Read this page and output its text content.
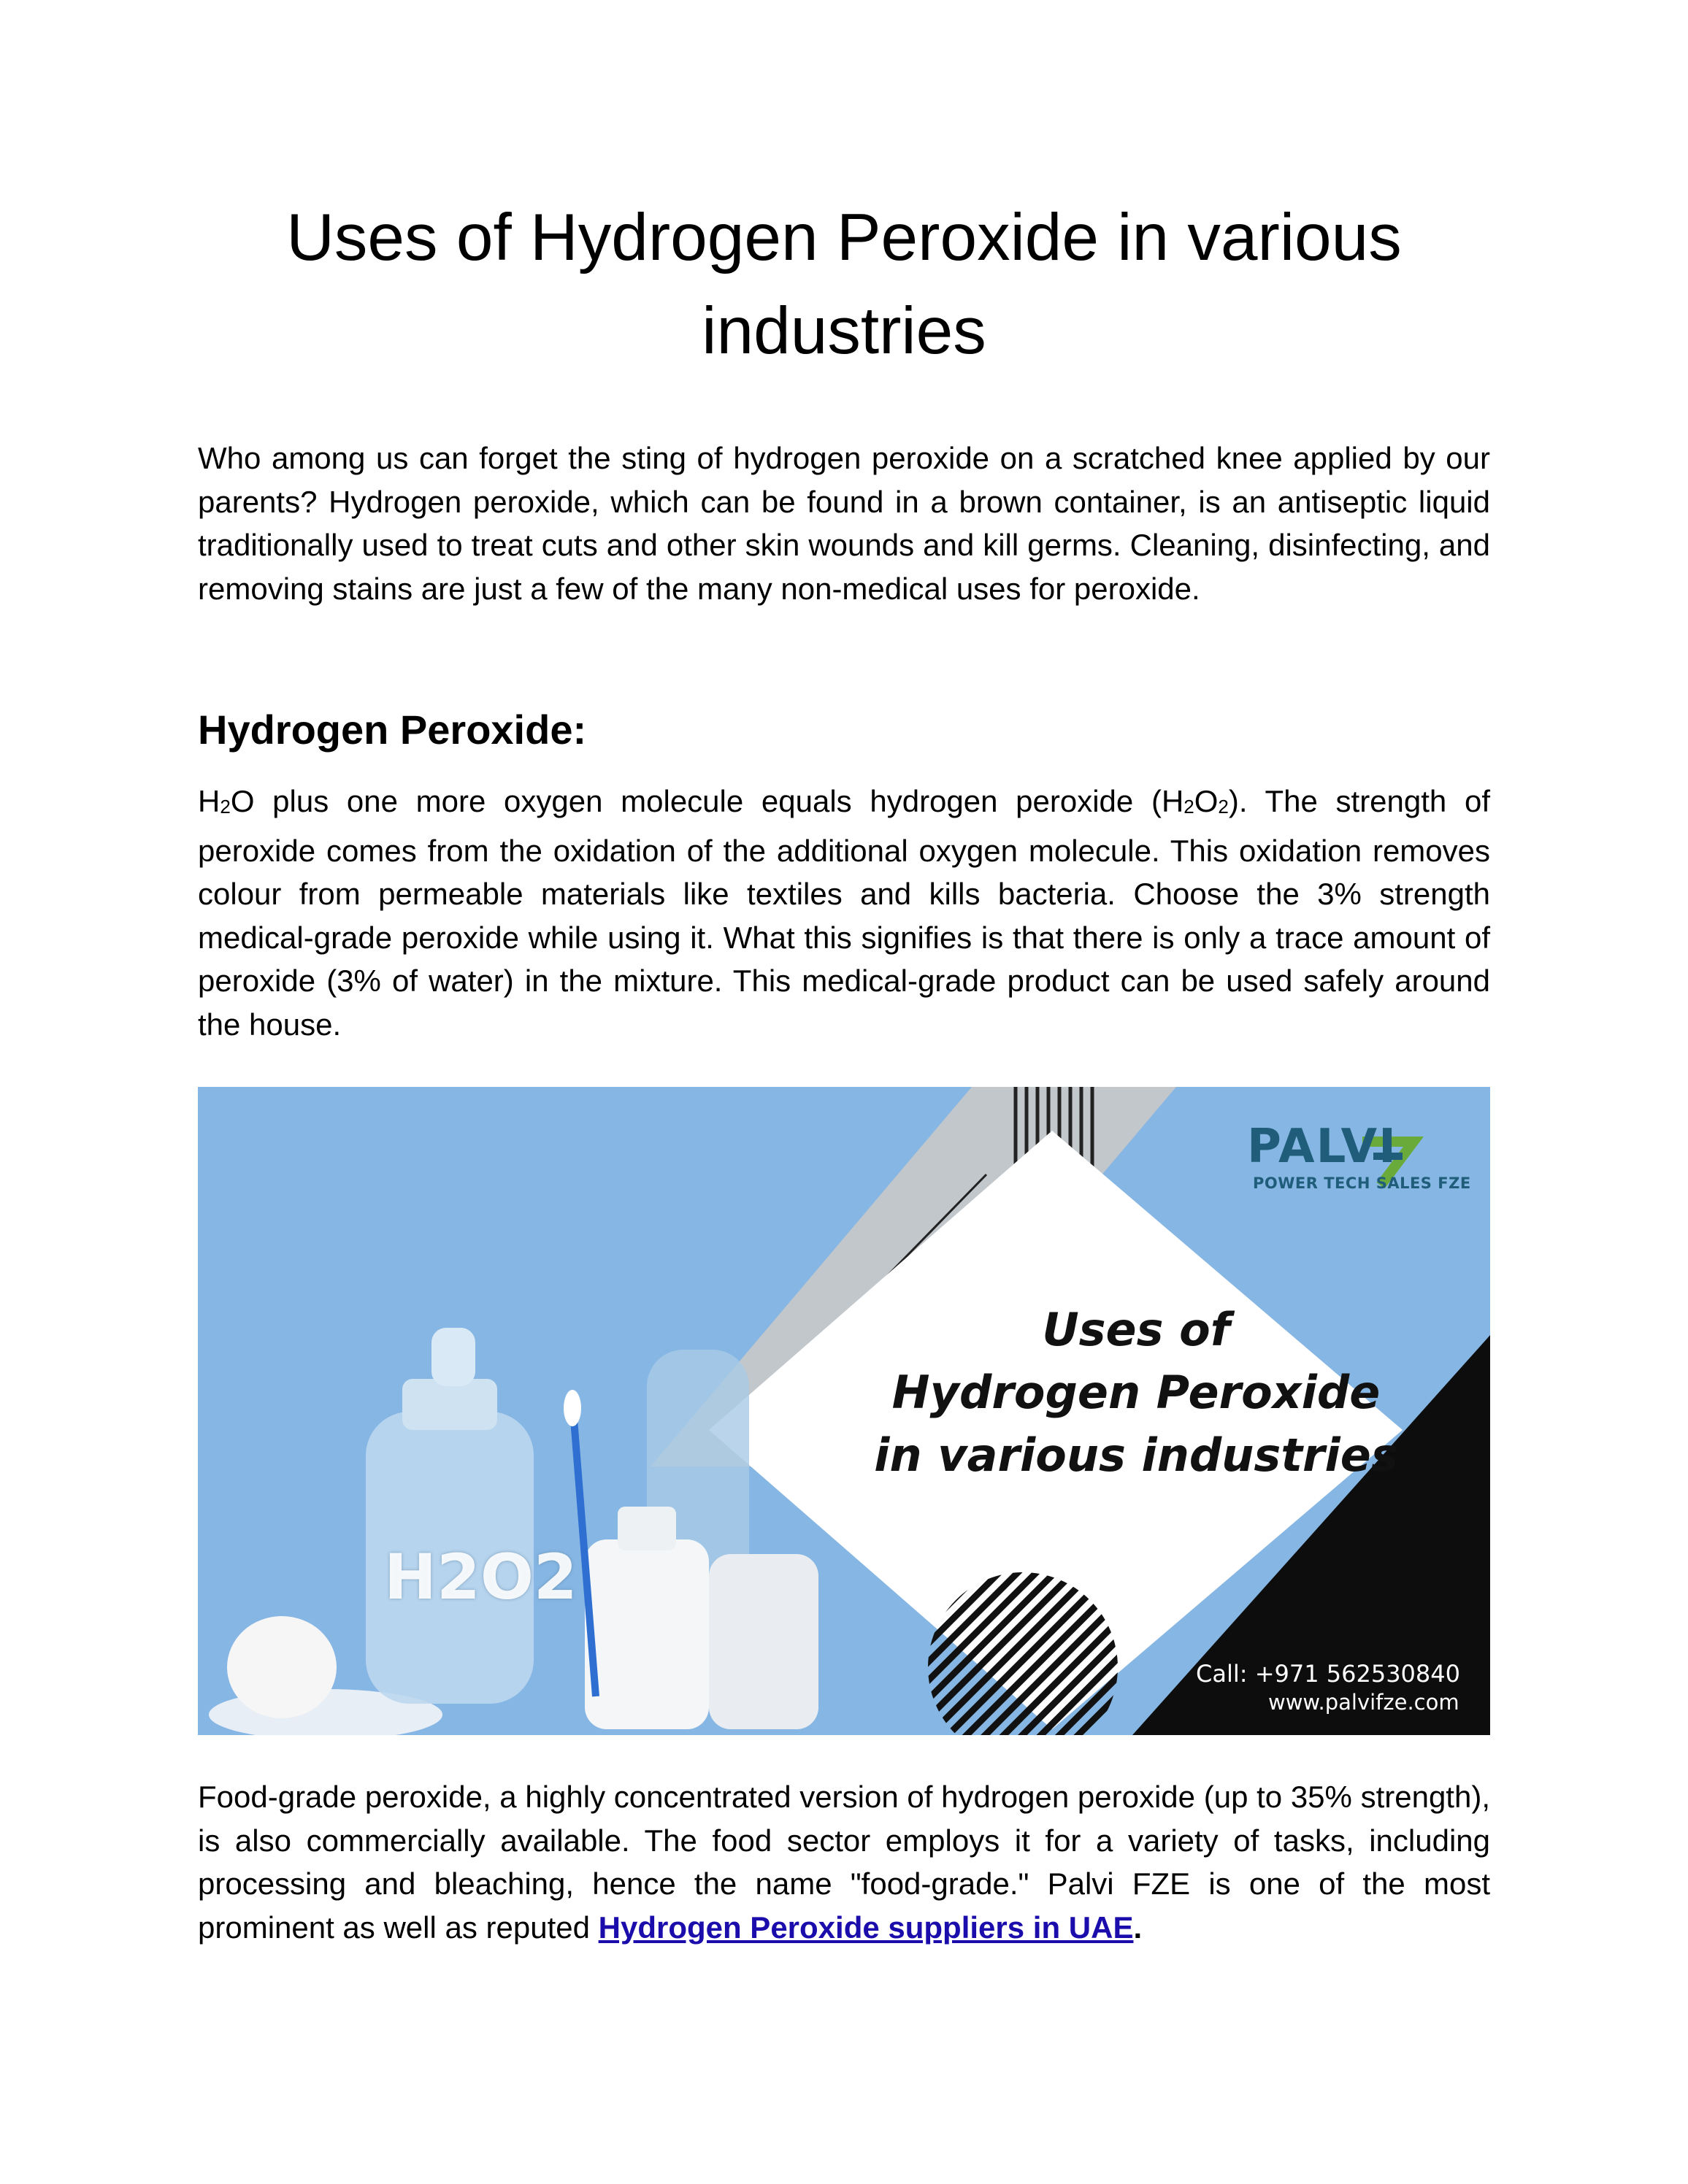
Uses of Hydrogen Peroxide in various industries

Who among us can forget the sting of hydrogen peroxide on a scratched knee applied by our parents? Hydrogen peroxide, which can be found in a brown container, is an antiseptic liquid traditionally used to treat cuts and other skin wounds and kill germs. Cleaning, disinfecting, and removing stains are just a few of the many non-medical uses for peroxide.

Hydrogen Peroxide:

$H_2O$ plus one more oxygen molecule equals hydrogen peroxide $(H_2O_2)$. The strength of peroxide comes from the oxidation of the additional oxygen molecule. This oxidation removes colour from permeable materials like textiles and kills bacteria. Choose the 3% strength medical-grade peroxide while using it. What this signifies is that there is only a trace amount of peroxide (3% of water) in the mixture. This medical-grade product can be used safely around the house.

H2O2
PALVI
POWER TECH SALES FZE
Uses of
Hydrogen Peroxide
in various industries
Call: +971 562530840
www.palvifze.com

Food-grade peroxide, a highly concentrated version of hydrogen peroxide (up to 35% strength), is also commercially available. The food sector employs it for a variety of tasks, including processing and bleaching, hence the name "food-grade." Palvi FZE is one of the most prominent as well as reputed Hydrogen Peroxide suppliers in UAE.
